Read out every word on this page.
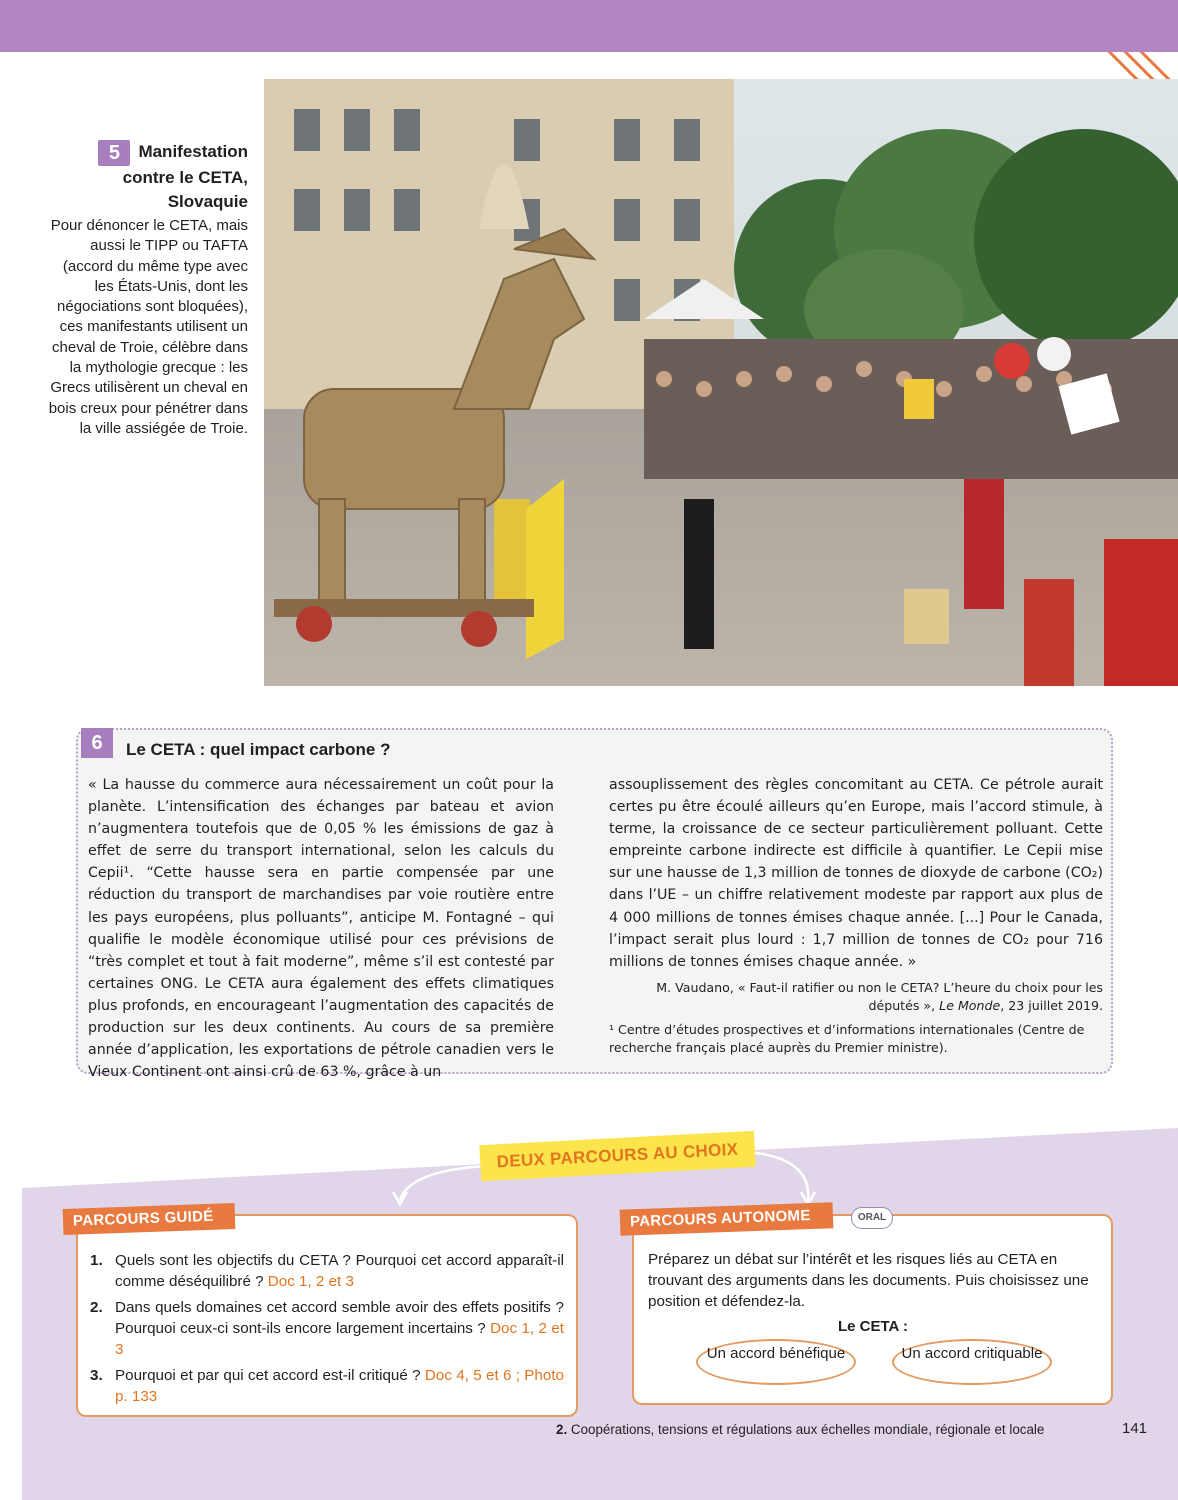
5	Manifestation
contre le CETA,
Slovaquie

Pour dénoncer le CETA, mais aussi le TIPP ou TAFTA (accord du même type avec les États-Unis, dont les négociations sont bloquées), ces manifestants utilisent un cheval de Troie, célèbre dans la mythologie grecque : les Grecs utilisèrent un cheval en bois creux pour pénétrer dans la ville assiégée de Troie.

6	Le CETA : quel impact carbone ?

« La hausse du commerce aura nécessairement un coût pour la planète. L’intensification des échanges par bateau et avion n’augmentera toutefois que de 0,05 % les émissions de gaz à effet de serre du transport international, selon les calculs du Cepii¹. “Cette hausse sera en partie compensée par une réduction du transport de marchandises par voie routière entre les pays européens, plus polluants”, anticipe M. Fontagné – qui qualifie le modèle économique utilisé pour ces prévisions de “très complet et tout à fait moderne”, même s’il est contesté par certaines ONG. Le CETA aura également des effets climatiques plus profonds, en encourageant l’augmentation des capacités de production sur les deux continents. Au cours de sa première année d’application, les exportations de pétrole canadien vers le Vieux Continent ont ainsi crû de 63 %, grâce à un

assouplissement des règles concomitant au CETA. Ce pétrole aurait certes pu être écoulé ailleurs qu’en Europe, mais l’accord stimule, à terme, la croissance de ce secteur particulièrement polluant. Cette empreinte carbone indirecte est difficile à quantifier. Le Cepii mise sur une hausse de 1,3 million de tonnes de dioxyde de carbone (CO₂) dans l’UE – un chiffre relativement modeste par rapport aux plus de 4 000 millions de tonnes émises chaque année. [...] Pour le Canada, l’impact serait plus lourd : 1,7 million de tonnes de CO₂ pour 716 millions de tonnes émises chaque année. »

M. Vaudano, « Faut-il ratifier ou non le CETA? L’heure du choix pour les députés », Le Monde, 23 juillet 2019.

¹ Centre d’études prospectives et d’informations internationales (Centre de recherche français placé auprès du Premier ministre).

DEUX PARCOURS AU CHOIX
PARCOURS GUIDÉ
1. Quels sont les objectifs du CETA ? Pourquoi cet accord apparaît-il comme déséquilibré ? Doc 1, 2 et 3
2. Dans quels domaines cet accord semble avoir des effets positifs ? Pourquoi ceux-ci sont-ils encore largement incertains ? Doc 1, 2 et 3
3. Pourquoi et par qui cet accord est-il critiqué ? Doc 4, 5 et 6 ; Photo p. 133
PARCOURS AUTONOME	ORAL

Préparez un débat sur l’intérêt et les risques liés au CETA en trouvant des arguments dans les documents. Puis choisissez une position et défendez-la.

Le CETA :
Un accord bénéfique	Un accord critiquable
2. Coopérations, tensions et régulations aux échelles mondiale, régionale et locale	141
